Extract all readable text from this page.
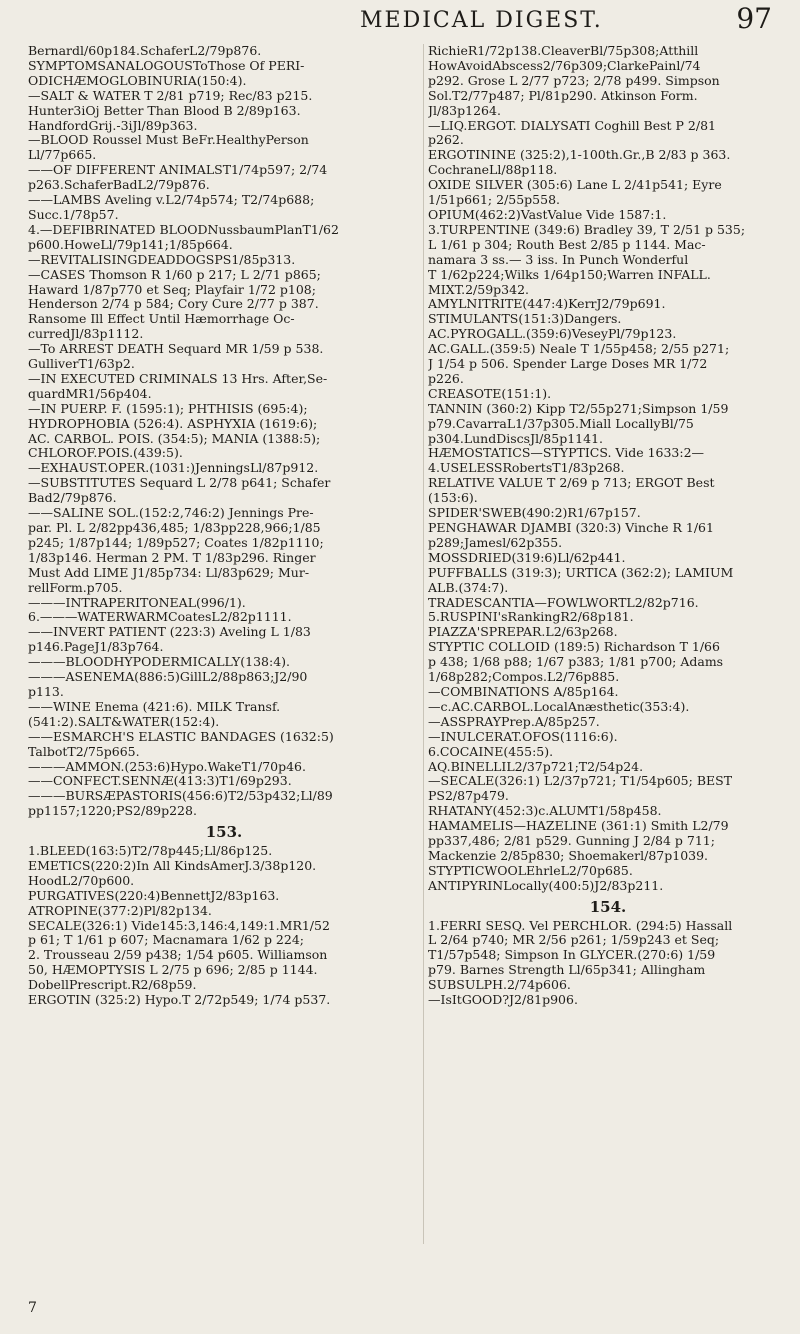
MEDICAL DIGEST.	97
Bernardl/60p184.SchaferL2/79p876.
SYMPTOMSANALOGOUSToThose Of PERI-
ODICHÆMOGLOBINURIA(150:4).
—SALT & WATER T 2/81 p719; Rec/83 p215.
Hunter3iOj Better Than Blood B 2/89p163.
HandfordGrij.-3iJl/89p363.
—BLOOD Roussel Must BeFr.HealthyPerson
Ll/77p665.
——OF DIFFERENT ANIMALST1/74p597; 2/74
p263.SchaferBadL2/79p876.
——LAMBS Aveling v.L2/74p574; T2/74p688;
Succ.1/78p57.
4.—DEFIBRINATED BLOODNussbaumPlanT1/62
p600.HoweLl/79p141;1/85p664.
—REVITALISINGDEADDOGSPS1/85p313.
—CASES Thomson R 1/60 p 217; L 2/71 p865;
Haward 1/87p770 et Seq; Playfair 1/72 p108;
Henderson 2/74 p 584; Cory Cure 2/77 p 387.
Ransome Ill Effect Until Hæmorrhage Oc-
curredJl/83p1112.
—To ARREST DEATH Sequard MR 1/59 p 538.
GulliverT1/63p2.
—IN EXECUTED CRIMINALS 13 Hrs. After,Se-
quardMR1/56p404.
—IN PUERP. F. (1595:1); PHTHISIS (695:4);
HYDROPHOBIA (526:4). ASPHYXIA (1619:6);
AC. CARBOL. POIS. (354:5); MANIA (1388:5);
CHLOROF.POIS.(439:5).
—EXHAUST.OPER.(1031:)JenningsLl/87p912.
—SUBSTITUTES Sequard L 2/78 p641; Schafer
Bad2/79p876.
——SALINE SOL.(152:2,746:2) Jennings Pre-
par. Pl. L 2/82pp436,485; 1/83pp228,966;1/85
p245; 1/87p144; 1/89p527; Coates 1/82p1110;
1/83p146. Herman 2 PM. T 1/83p296. Ringer
Must Add LIME J1/85p734: Ll/83p629; Mur-
rellForm.p705.
———INTRAPERITONEAL(996/1).
6.———WATERWARMCoatesL2/82p1111.
——INVERT PATIENT (223:3) Aveling L 1/83
p146.PageJ1/83p764.
———BLOODHYPODERMICALLY(138:4).
———ASENEMA(886:5)GillL2/88p863;J2/90
p113.
——WINE Enema (421:6). MILK Transf.
(541:2).SALT&WATER(152:4).
——ESMARCH'S ELASTIC BANDAGES (1632:5)
TalbotT2/75p665.
———AMMON.(253:6)Hypo.WakeT1/70p46.
——CONFECT.SENNÆ(413:3)T1/69p293.
———BURSÆPASTORIS(456:6)T2/53p432;Ll/89
pp1157;1220;PS2/89p228.
153.
1.BLEED(163:5)T2/78p445;Ll/86p125.
EMETICS(220:2)In All KindsAmerJ.3/38p120.
HoodL2/70p600.
PURGATIVES(220:4)BennettJ2/83p163.
ATROPINE(377:2)Pl/82p134.
SECALE(326:1) Vide145:3,146:4,149:1.MR1/52
p 61; T 1/61 p 607; Macnamara 1/62 p 224;
2. Trousseau 2/59 p438; 1/54 p605. Williamson
50, HÆMOPTYSIS L 2/75 p 696; 2/85 p 1144.
DobellPrescript.R2/68p59.
ERGOTIN (325:2) Hypo.T 2/72p549; 1/74 p537.
RichieR1/72p138.CleaverBl/75p308;Atthill
HowAvoidAbscess2/76p309;ClarkePainl/74
p292. Grose L 2/77 p723; 2/78 p499. Simpson
Sol.T2/77p487; Pl/81p290. Atkinson Form.
Jl/83p1264.
—LIQ.ERGOT. DIALYSATI Coghill Best P 2/81
p262.
ERGOTININE (325:2),1-100th.Gr.,B 2/83 p 363.
CochraneLl/88p118.
OXIDE SILVER (305:6) Lane L 2/41p541; Eyre
1/51p661; 2/55p558.
OPIUM(462:2)VastValue Vide 1587:1.
3.TURPENTINE (349:6) Bradley 39, T 2/51 p 535;
L 1/61 p 304; Routh Best 2/85 p 1144. Mac-
namara 3 ss.— 3 iss. In Punch Wonderful
T 1/62p224;Wilks 1/64p150;Warren INFALL.
MIXT.2/59p342.
AMYLNITRITE(447:4)KerrJ2/79p691.
STIMULANTS(151:3)Dangers.
AC.PYROGALL.(359:6)VeseyPl/79p123.
AC.GALL.(359:5) Neale T 1/55p458; 2/55 p271;
J 1/54 p 506. Spender Large Doses MR 1/72
p226.
CREASOTE(151:1).
TANNIN (360:2) Kipp T2/55p271;Simpson 1/59
p79.CavarraL1/37p305.Miall LocallyBl/75
p304.LundDiscsJl/85p1141.
HÆMOSTATICS—STYPTICS. Vide 1633:2—
4.USELESSRobertsT1/83p268.
RELATIVE VALUE T 2/69 p 713; ERGOT Best
(153:6).
SPIDER'SWEB(490:2)R1/67p157.
PENGHAWAR DJAMBI (320:3) Vinche R 1/61
p289;Jamesl/62p355.
MOSSDRIED(319:6)Ll/62p441.
PUFFBALLS (319:3); URTICA (362:2); LAMIUM
ALB.(374:7).
TRADESCANTIA—FOWLWORTL2/82p716.
5.RUSPINI'sRankingR2/68p181.
PIAZZA'SPREPAR.L2/63p268.
STYPTIC COLLOID (189:5) Richardson T 1/66
p 438; 1/68 p88; 1/67 p383; 1/81 p700; Adams
1/68p282;Compos.L2/76p885.
—COMBINATIONS A/85p164.
—c.AC.CARBOL.LocalAnæsthetic(353:4).
—ASSPRAYPrep.A/85p257.
—INULCERAT.OFOS(1116:6).
6.COCAINE(455:5).
AQ.BINELLIL2/37p721;T2/54p24.
—SECALE(326:1) L2/37p721; T1/54p605; BEST
PS2/87p479.
RHATANY(452:3)c.ALUMT1/58p458.
HAMAMELIS—HAZELINE (361:1) Smith L2/79
pp337,486; 2/81 p529. Gunning J 2/84 p 711;
Mackenzie 2/85p830; Shoemakerl/87p1039.
STYPTICWOOLEhrleL2/70p685.
ANTIPYRINLocally(400:5)J2/83p211.
154.
1.FERRI SESQ. Vel PERCHLOR. (294:5) Hassall
L 2/64 p740; MR 2/56 p261; 1/59p243 et Seq;
T1/57p548; Simpson In GLYCER.(270:6) 1/59
p79. Barnes Strength Ll/65p341; Allingham
SUBSULPH.2/74p606.
—IsItGOOD?J2/81p906.
7
